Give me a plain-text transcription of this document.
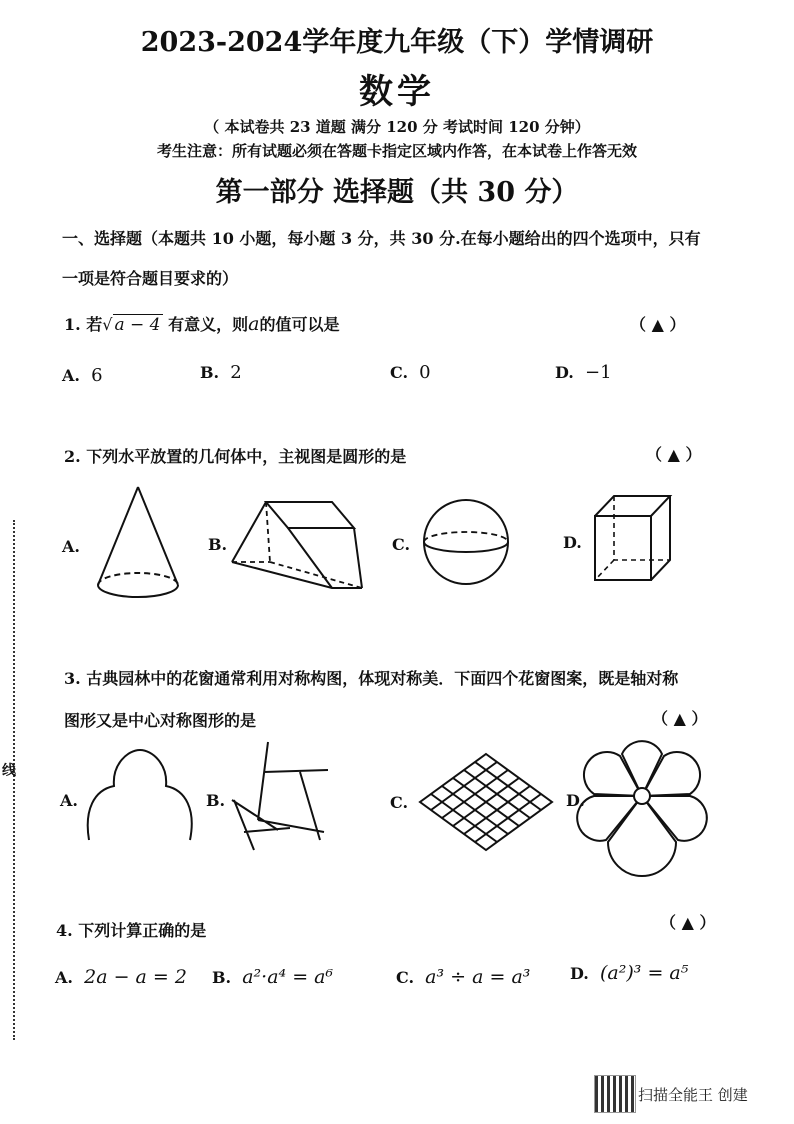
2023-2024学年度九年级（下）学情调研
数学
（ 本试卷共 23 道题 满分 120 分 考试时间 120 分钟）
考生注意：所有试题必须在答题卡指定区域内作答，在本试卷上作答无效
第一部分 选择题（共 30 分）
一、选择题（本题共 10 小题，每小题 3 分，共 30 分.在每小题给出的四个选项中，只有
一项是符合题目要求的）
1. 若√ a − 4 有意义，则a的值可以是	（ ▲ ）
A. 6	B. 2	C. 0	D. −1
2. 下列水平放置的几何体中，主视图是圆形的是	（ ▲ ）
A.	B.	C.	D.
3. 古典园林中的花窗通常利用对称构图，体现对称美．下面四个花窗图案，既是轴对称
图形又是中心对称图形的是	（ ▲ ）
A.	B.	C.	D.
4. 下列计算正确的是	（ ▲ ）
A. 2a − a = 2 B. a²·a⁴ = a⁶	C. a³ ÷ a = a³ D. (a²)³ = a⁵
线
扫描全能王 创建
